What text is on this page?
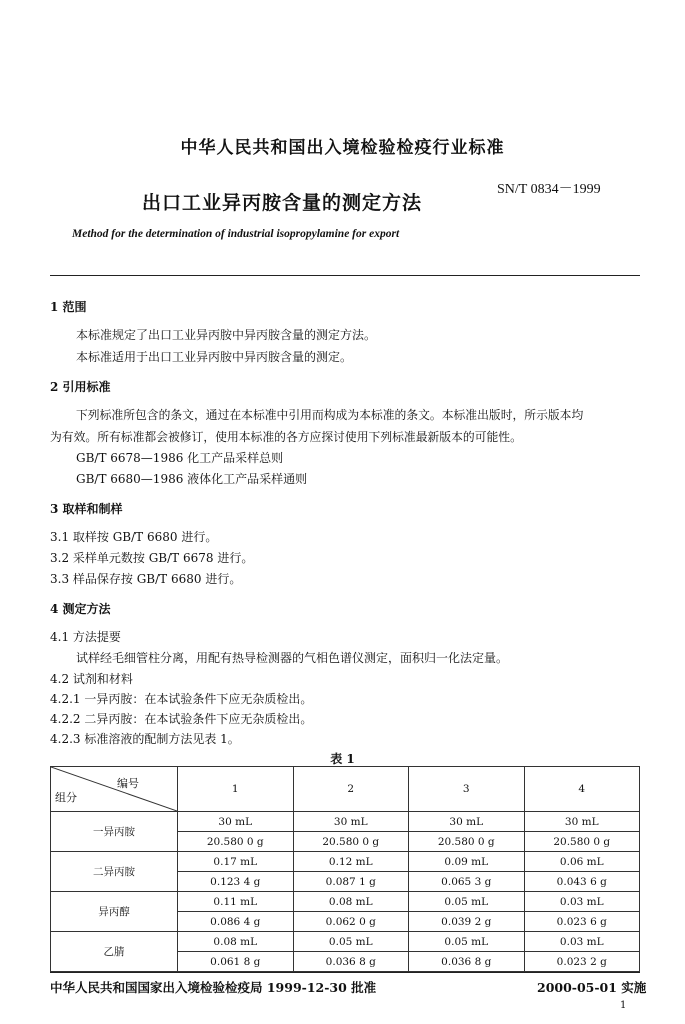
中华人民共和国出入境检验检疫行业标准
出口工业异丙胺含量的测定方法
SN/T 0834－1999
Method for the determination of industrial isopropylamine for export
1 范围
本标准规定了出口工业异丙胺中异丙胺含量的测定方法。
本标准适用于出口工业异丙胺中异丙胺含量的测定。
2 引用标准
下列标准所包含的条文，通过在本标准中引用而构成为本标准的条文。本标准出版时，所示版本均
为有效。所有标准都会被修订，使用本标准的各方应探讨使用下列标准最新版本的可能性。
GB/T 6678—1986 化工产品采样总则
GB/T 6680—1986 液体化工产品采样通则
3 取样和制样
3.1 取样按 GB/T 6680 进行。
3.2 采样单元数按 GB/T 6678 进行。
3.3 样品保存按 GB/T 6680 进行。
4 测定方法
4.1 方法提要
试样经毛细管柱分离，用配有热导检测器的气相色谱仪测定，面积归一化法定量。
4.2 试剂和材料
4.2.1 一异丙胺：在本试验条件下应无杂质检出。
4.2.2 二异丙胺：在本试验条件下应无杂质检出。
4.2.3 标准溶液的配制方法见表 1。
表 1
编号
组分	1	2	3	4
一异丙胺	30 mL	30 mL	30 mL	30 mL
	20.580 0 g	20.580 0 g	20.580 0 g	20.580 0 g
二异丙胺	0.17 mL	0.12 mL	0.09 mL	0.06 mL
	0.123 4 g	0.087 1 g	0.065 3 g	0.043 6 g
异丙醇	0.11 mL	0.08 mL	0.05 mL	0.03 mL
	0.086 4 g	0.062 0 g	0.039 2 g	0.023 6 g
乙腈	0.08 mL	0.05 mL	0.05 mL	0.03 mL
	0.061 8 g	0.036 8 g	0.036 8 g	0.023 2 g
中华人民共和国国家出入境检验检疫局 1999-12-30 批准	2000-05-01 实施
1
